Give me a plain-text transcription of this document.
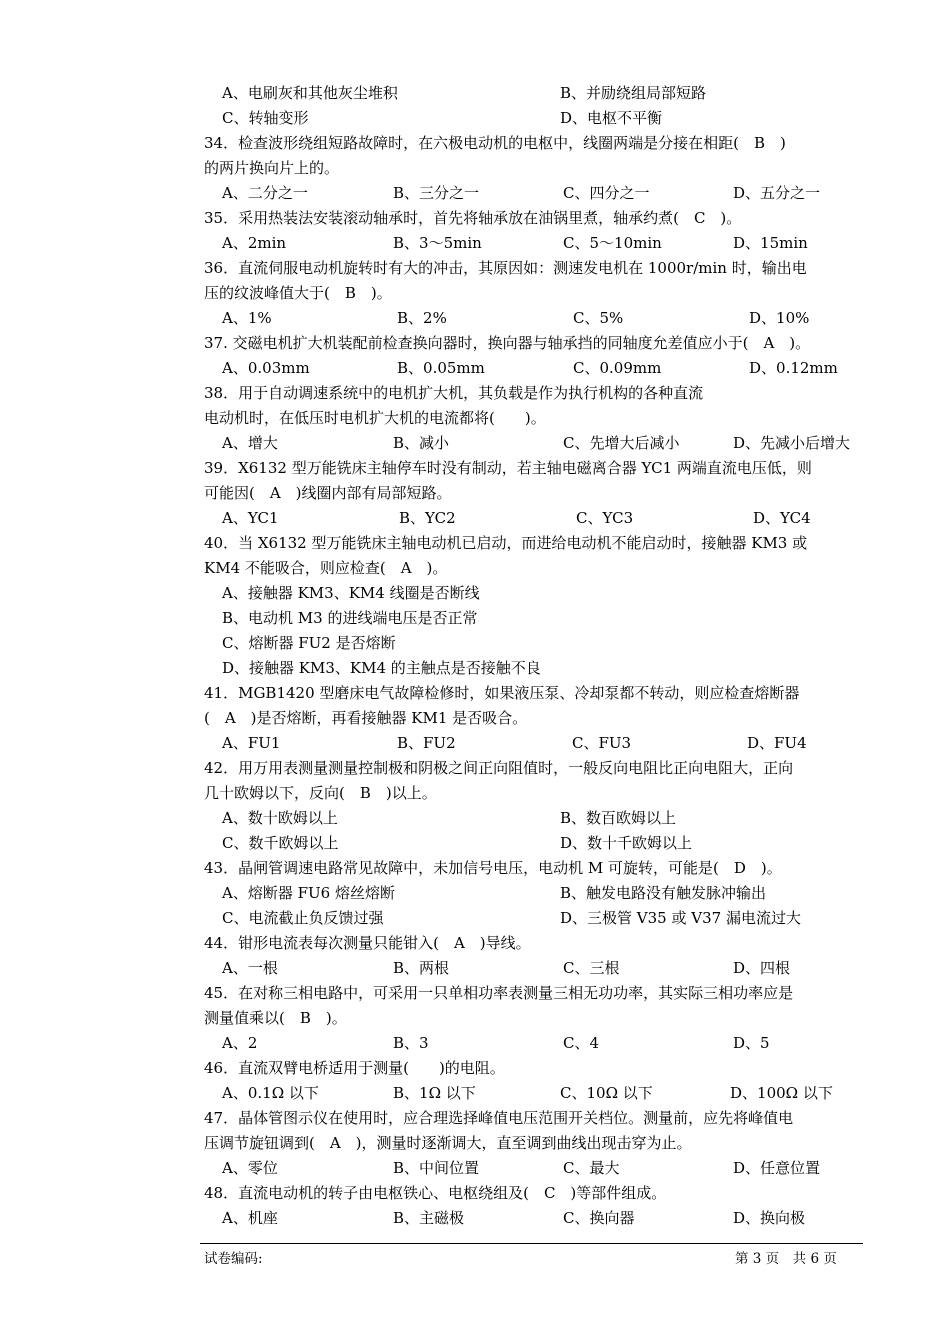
A、电刷灰和其他灰尘堆积	B、并励绕组局部短路
C、转轴变形	D、电枢不平衡
34．检查波形绕组短路故障时，在六极电动机的电枢中，线圈两端是分接在相距(　B　)
的两片换向片上的。
A、二分之一	B、三分之一	C、四分之一	D、五分之一
35．采用热装法安装滚动轴承时，首先将轴承放在油锅里煮，轴承约煮(　C　)。
A、2min	B、3～5min	C、5～10min	D、15min
36．直流伺服电动机旋转时有大的冲击，其原因如：测速发电机在 1000r/min 时，输出电
压的纹波峰值大于(　B　)。
A、1%	B、2%	C、5%	D、10%
37. 交磁电机扩大机装配前检查换向器时，换向器与轴承挡的同轴度允差值应小于(　A　)。
A、0.03mm	B、0.05mm	C、0.09mm	D、0.12mm
38．用于自动调速系统中的电机扩大机，其负载是作为执行机构的各种直流
电动机时，在低压时电机扩大机的电流都将(　　)。
A、增大	B、减小	C、先增大后减小	D、先减小后增大
39．X6132 型万能铣床主轴停车时没有制动，若主轴电磁离合器 YC1 两端直流电压低，则
可能因(　A　)线圈内部有局部短路。
A、YC1	B、YC2	C、YC3	D、YC4
40．当 X6132 型万能铣床主轴电动机已启动，而进给电动机不能启动时，接触器 KM3 或
KM4 不能吸合，则应检查(　A　)。
A、接触器 KM3、KM4 线圈是否断线
B、电动机 M3 的进线端电压是否正常
C、熔断器 FU2 是否熔断
D、接触器 KM3、KM4 的主触点是否接触不良
41．MGB1420 型磨床电气故障检修时，如果液压泵、冷却泵都不转动，则应检查熔断器
(　A　)是否熔断，再看接触器 KM1 是否吸合。
A、FU1	B、FU2	C、FU3	D、FU4
42．用万用表测量测量控制极和阴极之间正向阻值时，一般反向电阻比正向电阻大，正向
几十欧姆以下，反向(　B　)以上。
A、数十欧姆以上	B、数百欧姆以上
C、数千欧姆以上	D、数十千欧姆以上
43．晶闸管调速电路常见故障中，未加信号电压，电动机 M 可旋转，可能是(　D　)。
A、熔断器 FU6 熔丝熔断	B、触发电路没有触发脉冲输出
C、电流截止负反馈过强	D、三极管 V35 或 V37 漏电流过大
44．钳形电流表每次测量只能钳入(　A　)导线。
A、一根	B、两根	C、三根	D、四根
45．在对称三相电路中，可采用一只单相功率表测量三相无功功率，其实际三相功率应是
测量值乘以(　B　)。
A、2	B、3	C、4	D、5
46．直流双臂电桥适用于测量(　　)的电阻。
A、0.1Ω 以下	B、1Ω 以下	C、10Ω 以下	D、100Ω 以下
47．晶体管图示仪在使用时，应合理选择峰值电压范围开关档位。测量前，应先将峰值电
压调节旋钮调到(　A　)，测量时逐渐调大，直至调到曲线出现击穿为止。
A、零位	B、中间位置	C、最大	D、任意位置
48．直流电动机的转子由电枢铁心、电枢绕组及(　C　)等部件组成。
A、机座	B、主磁极	C、换向器	D、换向极
试卷编码:	第 3 页　共 6 页
